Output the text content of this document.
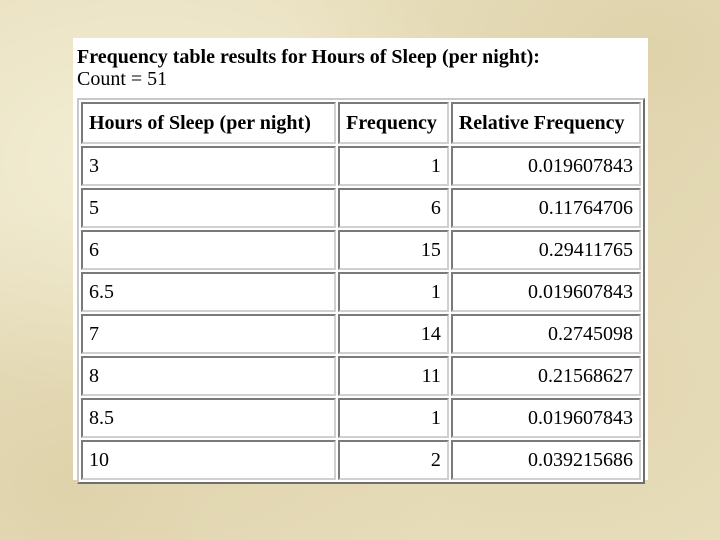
Frequency table results for Hours of Sleep (per night):
Count = 51
Hours of Sleep (per night)	Frequency	Relative Frequency
3	1	0.019607843
5	6	0.11764706
6	15	0.29411765
6.5	1	0.019607843
7	14	0.2745098
8	11	0.21568627
8.5	1	0.019607843
10	2	0.039215686
